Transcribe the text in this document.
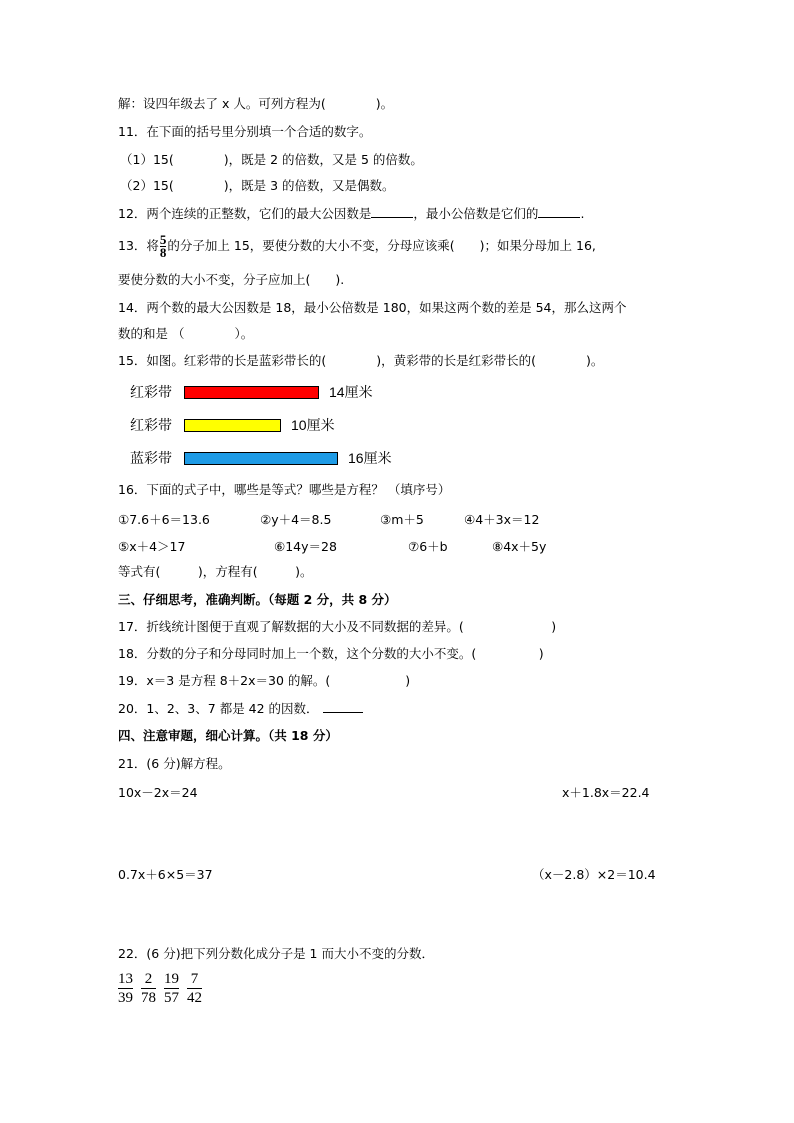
解：设四年级去了 x 人。可列方程为(　　　　)。
11．在下面的括号里分别填一个合适的数字。
（1）15(　　　　)，既是 2 的倍数，又是 5 的倍数。
（2）15(　　　　)，既是 3 的倍数，又是偶数。
12．两个连续的正整数，它们的最大公因数是	，最小公倍数是它们的	.
13．将 $\frac{5}{8}$ 的分子加上 15，要使分数的大小不变，分母应该乘(　　)；如果分母加上 16,
要使分数的大小不变，分子应加上(　　).
14．两个数的最大公因数是 18，最小公倍数是 180，如果这两个数的差是 54，那么这两个
数的和是 （　　　　）。
15．如图。红彩带的长是蓝彩带长的(　　　　)，黄彩带的长是红彩带长的(　　　　)。
红彩带	14厘米
红彩带	10厘米
蓝彩带	16厘米
16．下面的式子中，哪些是等式？哪些是方程？ （填序号）
①7.6＋6＝13.6	②y＋4＝8.5	③m＋5	④4＋3x＝12
⑤x＋4＞17	⑥14y＝28	⑦6＋b	⑧4x＋5y
等式有(　　　)，方程有(　　　)。
三、仔细思考，准确判断。（每题 2 分，共 8 分）
17．折线统计图便于直观了解数据的大小及不同数据的差异。(　　　　　　　)
18．分数的分子和分母同时加上一个数，这个分数的大小不变。(　　　　　)
19．x＝3 是方程 8＋2x＝30 的解。(　　　　　　)
20．1、2、3、7 都是 42 的因数．
四、注意审题，细心计算。（共 18 分）
21．(6 分)解方程。
10x－2x＝24	x＋1.8x＝22.4
0.7x＋6×5＝37	（x－2.8）×2＝10.4
22．(6 分)把下列分数化成分子是 1 而大小不变的分数．
$\frac{13}{39} \frac{2}{78} \frac{19}{57} \frac{7}{42}$
